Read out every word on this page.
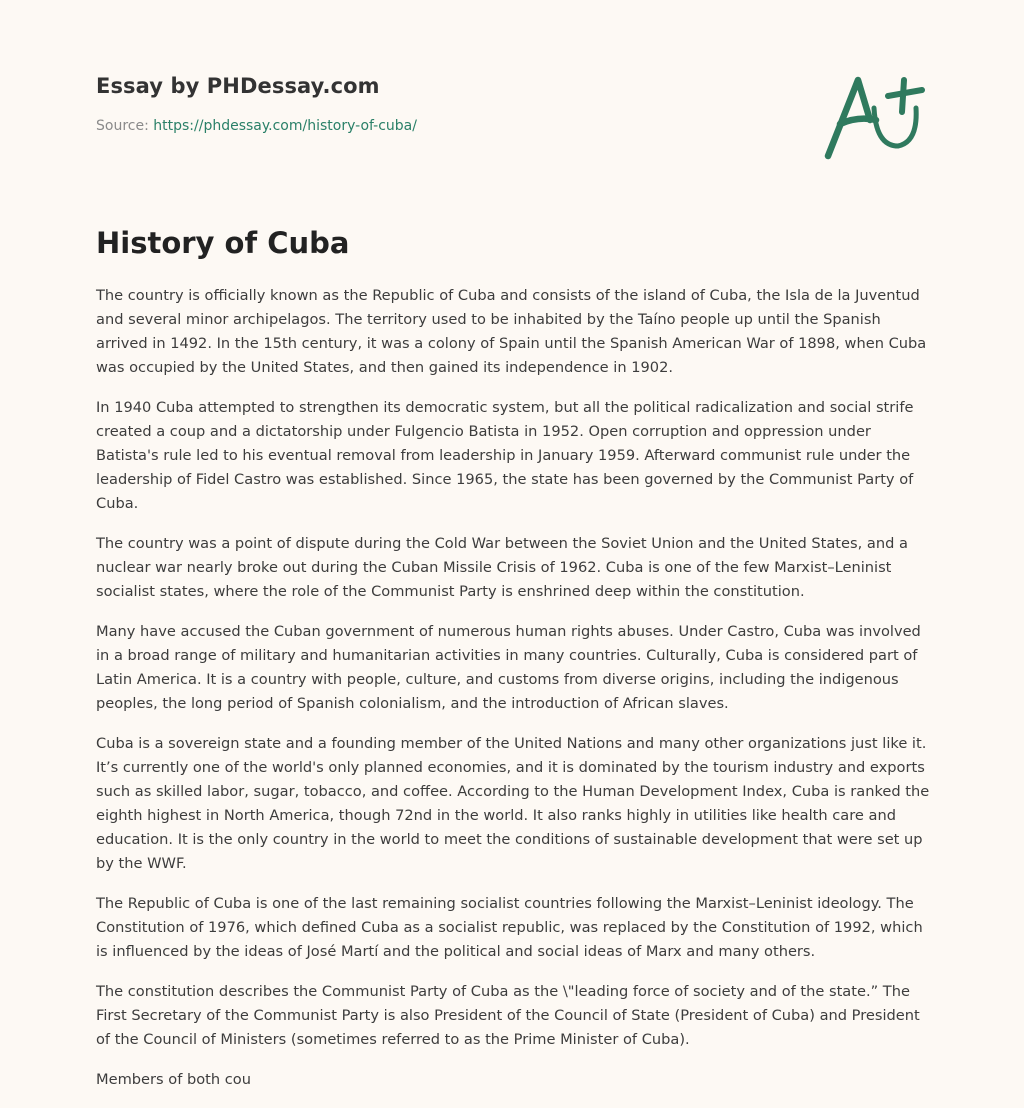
Essay by PHDessay.com
Source: https://phdessay.com/history-of-cuba/
History of Cuba

The country is officially known as the Republic of Cuba and consists of the island of Cuba, the Isla de la Juventud and several minor archipelagos. The territory used to be inhabited by the Taíno people up until the Spanish arrived in 1492. In the 15th century, it was a colony of Spain until the Spanish American War of 1898, when Cuba was occupied by the United States, and then gained its independence in 1902.

In 1940 Cuba attempted to strengthen its democratic system, but all the political radicalization and social strife created a coup and a dictatorship under Fulgencio Batista in 1952. Open corruption and oppression under Batista's rule led to his eventual removal from leadership in January 1959. Afterward communist rule under the leadership of Fidel Castro was established. Since 1965, the state has been governed by the Communist Party of Cuba.

The country was a point of dispute during the Cold War between the Soviet Union and the United States, and a nuclear war nearly broke out during the Cuban Missile Crisis of 1962. Cuba is one of the few Marxist–Leninist socialist states, where the role of the Communist Party is enshrined deep within the constitution.

Many have accused the Cuban government of numerous human rights abuses. Under Castro, Cuba was involved in a broad range of military and humanitarian activities in many countries. Culturally, Cuba is considered part of Latin America. It is a country with people, culture, and customs from diverse origins, including the indigenous peoples, the long period of Spanish colonialism, and the introduction of African slaves.

Cuba is a sovereign state and a founding member of the United Nations and many other organizations just like it. It’s currently one of the world's only planned economies, and it is dominated by the tourism industry and exports such as skilled labor, sugar, tobacco, and coffee. According to the Human Development Index, Cuba is ranked the eighth highest in North America, though 72nd in the world. It also ranks highly in utilities like health care and education. It is the only country in the world to meet the conditions of sustainable development that were set up by the WWF.

The Republic of Cuba is one of the last remaining socialist countries following the Marxist–Leninist ideology. The Constitution of 1976, which defined Cuba as a socialist republic, was replaced by the Constitution of 1992, which is influenced by the ideas of José Martí and the political and social ideas of Marx and many others.

The constitution describes the Communist Party of Cuba as the \"leading force of society and of the state.” The First Secretary of the Communist Party is also President of the Council of State (President of Cuba) and President of the Council of Ministers (sometimes referred to as the Prime Minister of Cuba).

Members of both cou
